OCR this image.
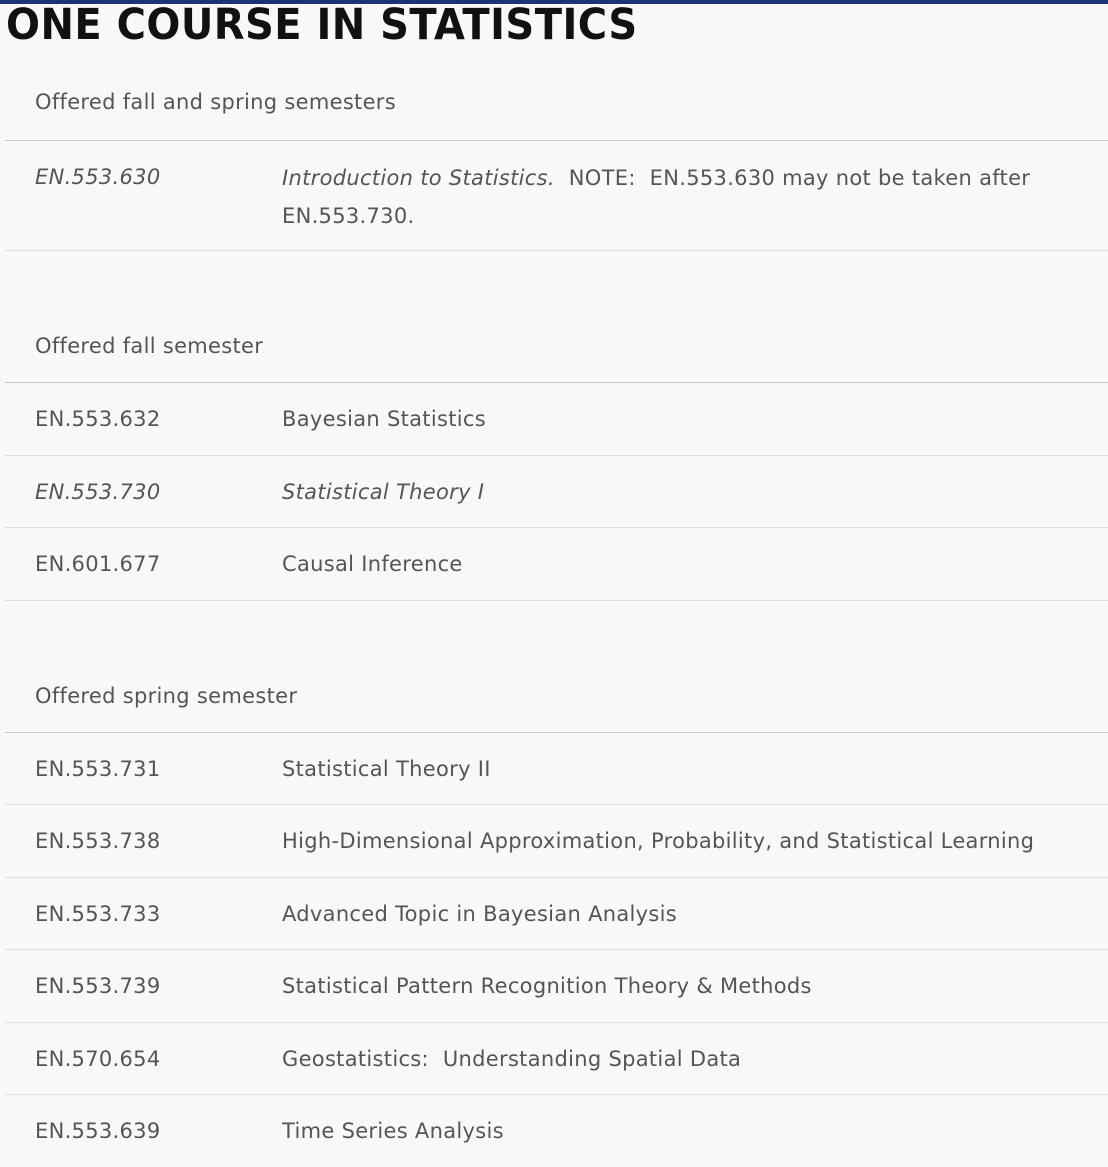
ONE COURSE IN STATISTICS
Offered fall and spring semesters
EN.553.630	Introduction to Statistics.  NOTE:  EN.553.630 may not be taken after EN.553.730.
Offered fall semester
EN.553.632	Bayesian Statistics
EN.553.730	Statistical Theory I
EN.601.677	Causal Inference
Offered spring semester
EN.553.731	Statistical Theory II
EN.553.738	High-Dimensional Approximation, Probability, and Statistical Learning
EN.553.733	Advanced Topic in Bayesian Analysis
EN.553.739	Statistical Pattern Recognition Theory & Methods
EN.570.654	Geostatistics:  Understanding Spatial Data
EN.553.639	Time Series Analysis
